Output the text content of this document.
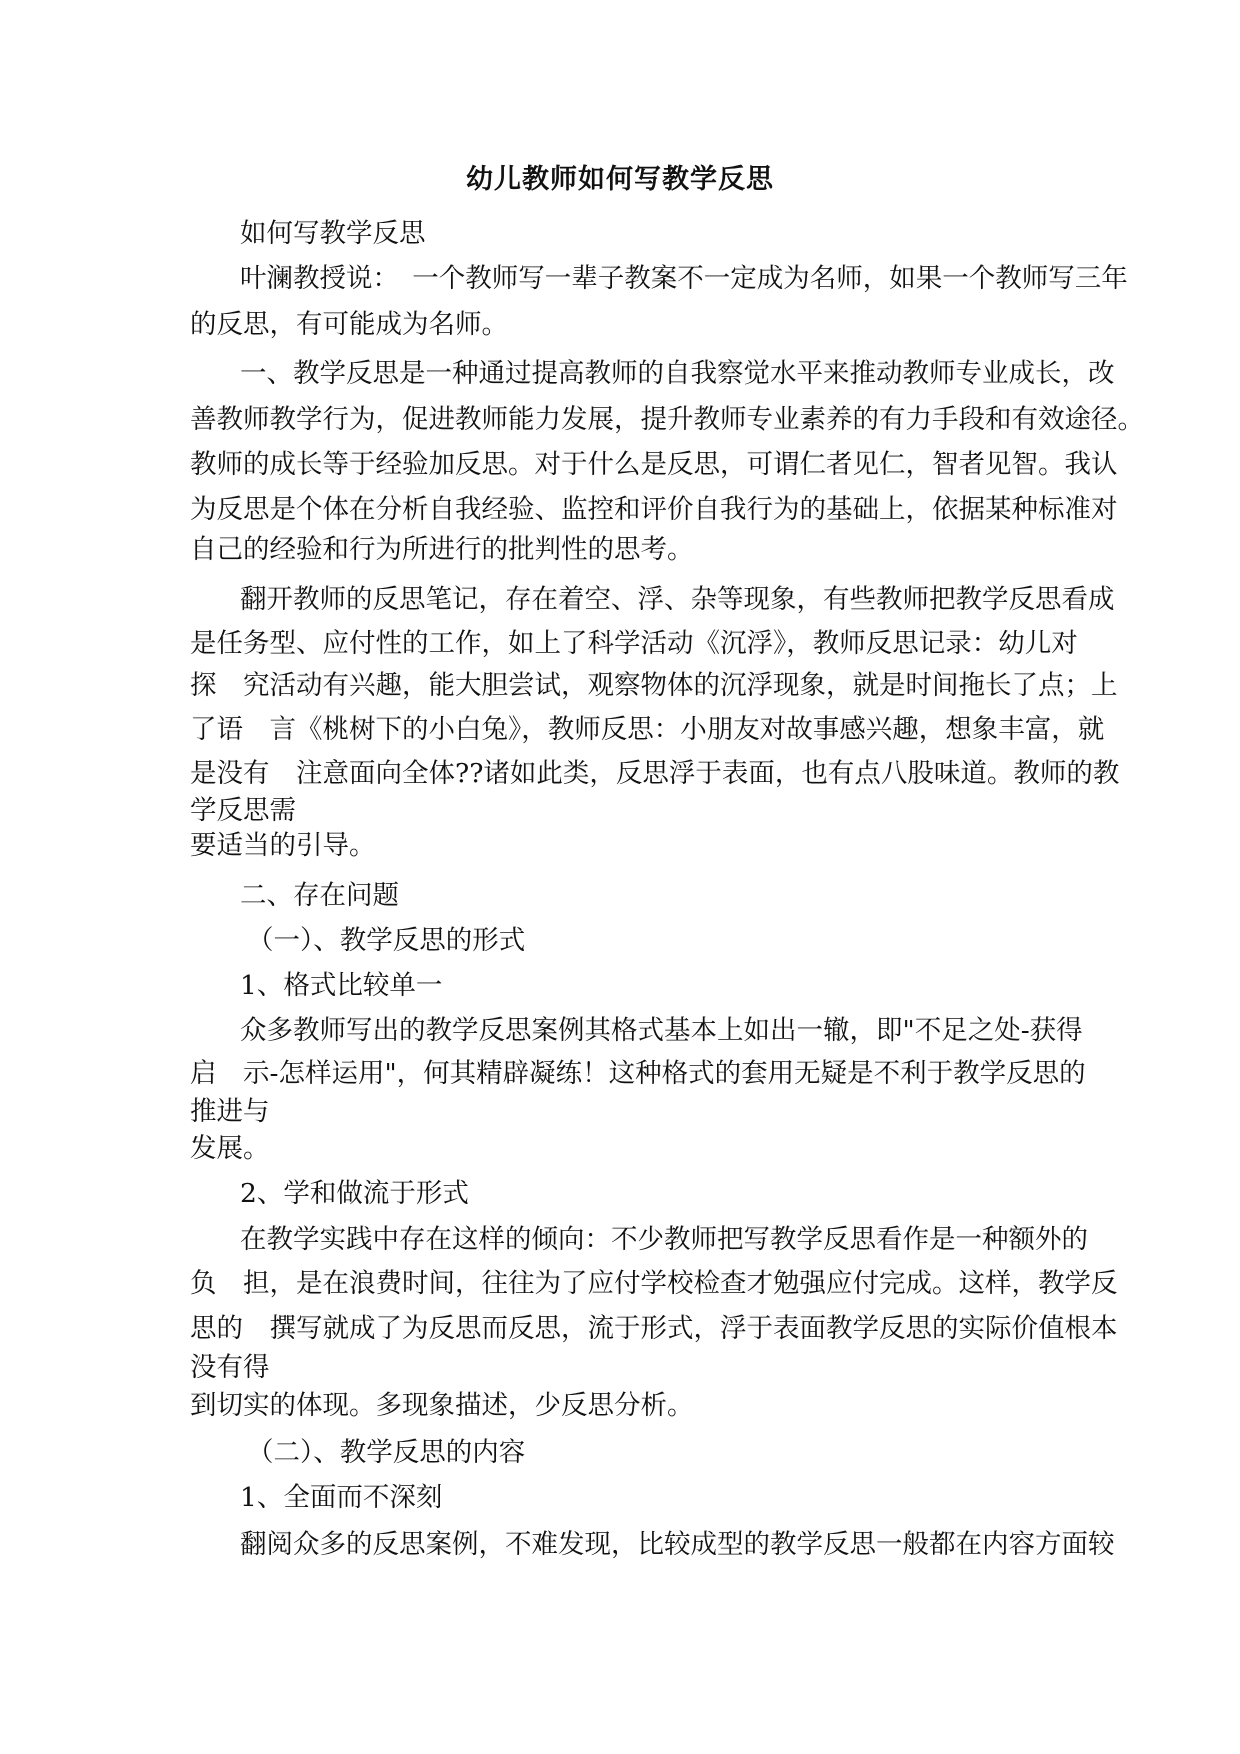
幼儿教师如何写教学反思
如何写教学反思
叶澜教授说：　一个教师写一辈子教案不一定成为名师，如果一个教师写三年
的反思，有可能成为名师。
一、教学反思是一种通过提高教师的自我察觉水平来推动教师专业成长，改
善教师教学行为，促进教师能力发展，提升教师专业素养的有力手段和有效途径。
教师的成长等于经验加反思。对于什么是反思，可谓仁者见仁，智者见智。我认
为反思是个体在分析自我经验、监控和评价自我行为的基础上，依据某种标准对
自己的经验和行为所进行的批判性的思考。
翻开教师的反思笔记，存在着空、浮、杂等现象，有些教师把教学反思看成
是任务型、应付性的工作，如上了科学活动《沉浮》，教师反思记录：幼儿对
探　究活动有兴趣，能大胆尝试，观察物体的沉浮现象，就是时间拖长了点；上
了语　言《桃树下的小白兔》，教师反思：小朋友对故事感兴趣，想象丰富，就
是没有　注意面向全体??诸如此类，反思浮于表面，也有点八股味道。教师的教
学反思需
要适当的引导。
二、存在问题
（一）、教学反思的形式
1、格式比较单一
众多教师写出的教学反思案例其格式基本上如出一辙，即"不足之处-获得
启　示-怎样运用"，何其精辟凝练！这种格式的套用无疑是不利于教学反思的
推进与
发展。
2、学和做流于形式
在教学实践中存在这样的倾向：不少教师把写教学反思看作是一种额外的
负　担，是在浪费时间，往往为了应付学校检查才勉强应付完成。这样，教学反
思的　撰写就成了为反思而反思，流于形式，浮于表面教学反思的实际价值根本
没有得
到切实的体现。多现象描述，少反思分析。
（二）、教学反思的内容
1、全面而不深刻
翻阅众多的反思案例，不难发现，比较成型的教学反思一般都在内容方面较
